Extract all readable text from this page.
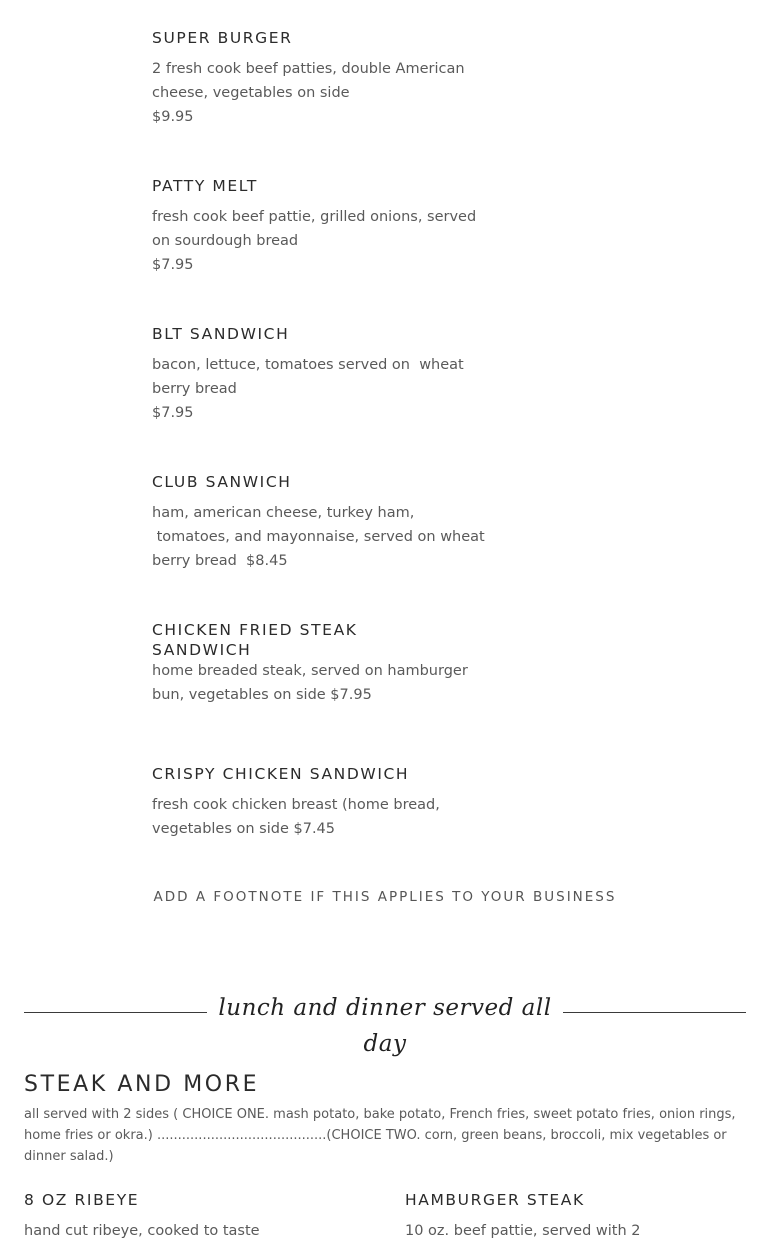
SUPER BURGER
2 fresh cook beef patties, double American cheese, vegetables on side
$9.95
PATTY MELT
fresh cook beef pattie, grilled onions, served on sourdough bread
$7.95
BLT SANDWICH
bacon, lettuce, tomatoes served on  wheat berry bread
$7.95
CLUB SANWICH
ham, american cheese, turkey ham,
tomatoes, and mayonnaise, served on wheat berry bread  $8.45
CHICKEN FRIED STEAK SANDWICH
home breaded steak, served on hamburger bun, vegetables on side $7.95
CRISPY CHICKEN SANDWICH
fresh cook chicken breast (home bread, vegetables on side $7.45
ADD A FOOTNOTE IF THIS APPLIES TO YOUR BUSINESS
lunch and dinner served all day
STEAK AND MORE
all served with 2 sides ( CHOICE ONE. mash potato, bake potato, French fries, sweet potato fries, onion rings, home fries or okra.) .........................................(CHOICE TWO. corn, green beans, broccoli, mix vegetables or dinner salad.)
8 OZ RIBEYE
hand cut ribeye, cooked to taste
HAMBURGER STEAK
10 oz. beef pattie, served with 2
